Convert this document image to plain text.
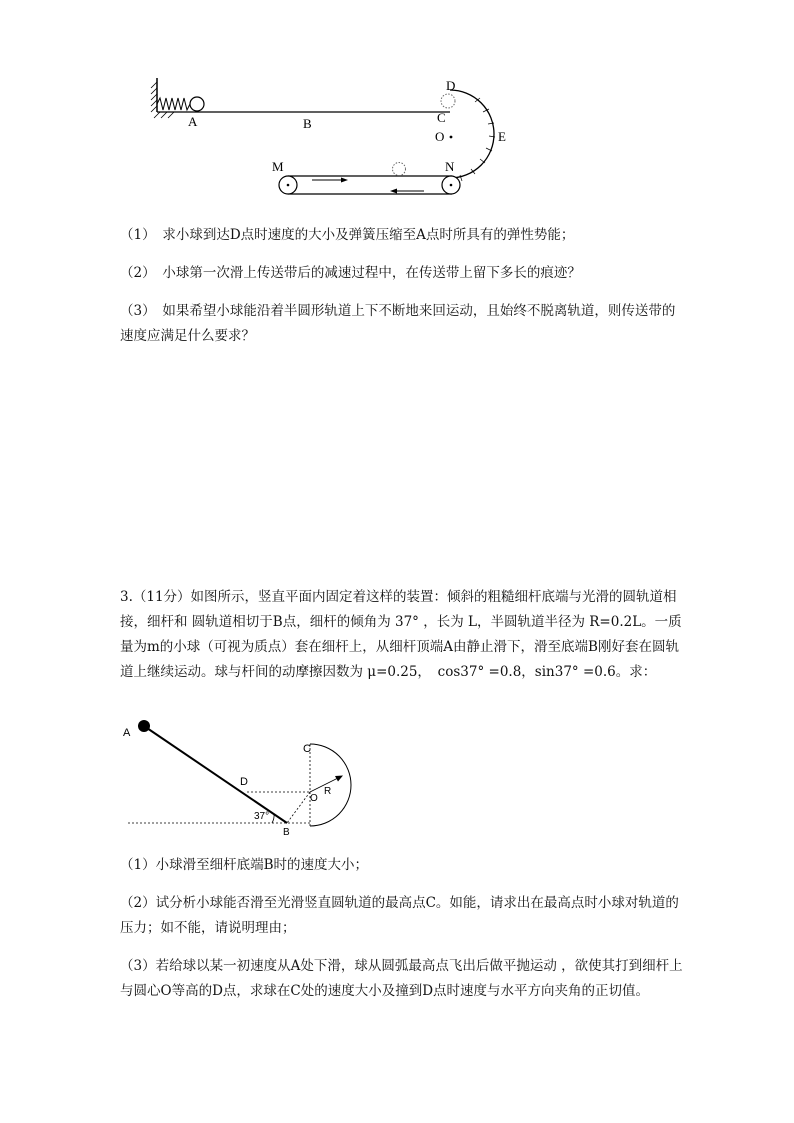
A	B
D
C
O	E
M	N

（1）　求小球到达D点时速度的大小及弹簧压缩至A点时所具有的弹性势能；

（2）　小球第一次滑上传送带后的减速过程中，在传送带上留下多长的痕迹？

（3）　如果希望小球能沿着半圆形轨道上下不断地来回运动，且始终不脱离轨道，则传送带的速度应满足什么要求？

3.（11分）如图所示，竖直平面内固定着这样的装置：倾斜的粗糙细杆底端与光滑的圆轨道相接，细杆和 圆轨道相切于B点，细杆的倾角为 37° ，长为 L，半圆轨道半径为 R=0.2L。一质量为m的小球（可视为质点）套在细杆上，从细杆顶端A由静止滑下，滑至底端B刚好套在圆轨道上继续运动。球与杆间的动摩擦因数为 μ=0.25，　cos37° =0.8，sin37° =0.6。求：

A
D
C
O
R
37°
B

（1）小球滑至细杆底端B时的速度大小；

（2）试分析小球能否滑至光滑竖直圆轨道的最高点C。如能，请求出在最高点时小球对轨道的压力；如不能，请说明理由；

（3）若给球以某一初速度从A处下滑，球从圆弧最高点飞出后做平抛运动 ，欲使其打到细杆上与圆心O等高的D点，求球在C处的速度大小及撞到D点时速度与水平方向夹角的正切值。
